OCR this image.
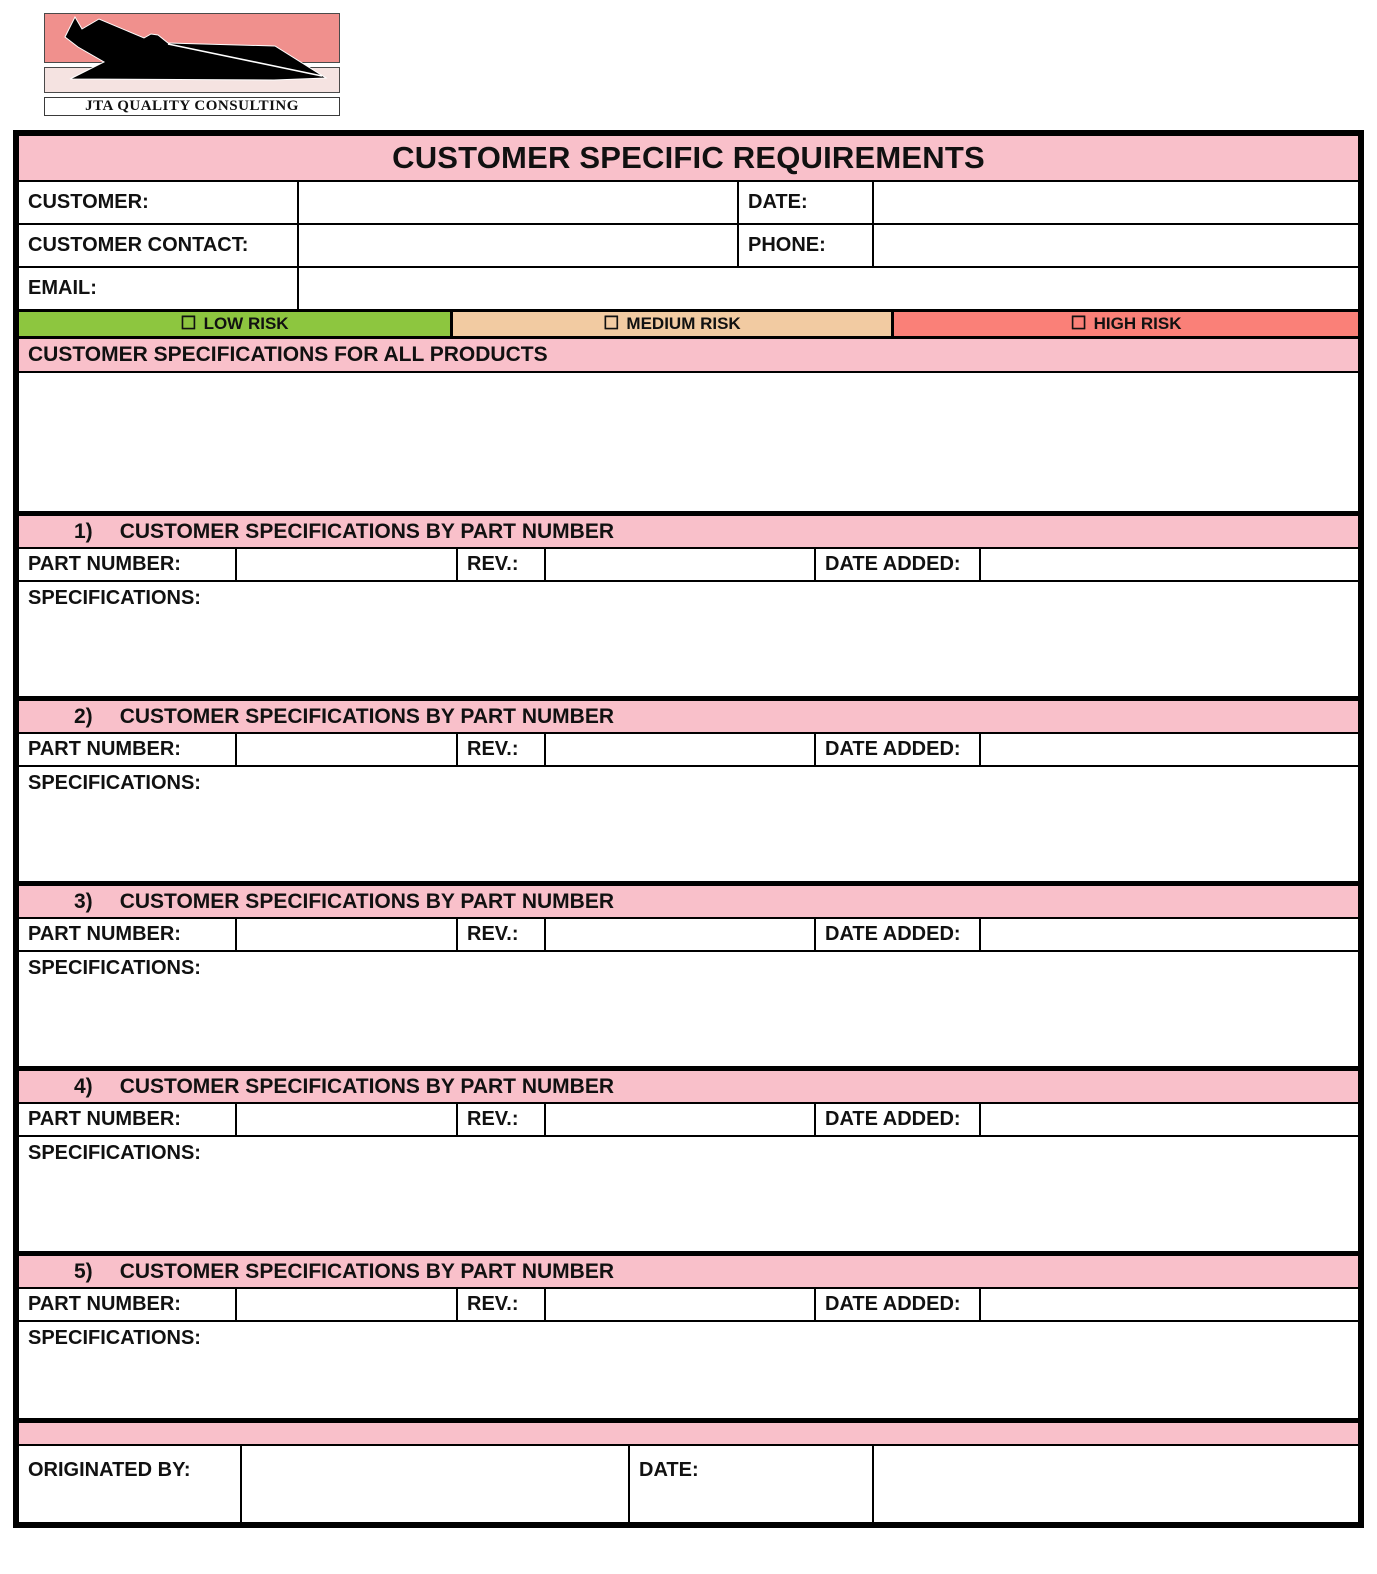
JTA QUALITY CONSULTING
CUSTOMER SPECIFIC REQUIREMENTS
CUSTOMER:	DATE:
CUSTOMER CONTACT:	PHONE:
EMAIL:
☐ LOW RISK	☐ MEDIUM RISK	☐ HIGH RISK
CUSTOMER SPECIFICATIONS FOR ALL PRODUCTS
1) CUSTOMER SPECIFICATIONS BY PART NUMBER
PART NUMBER:	REV.:	DATE ADDED:
SPECIFICATIONS:
2) CUSTOMER SPECIFICATIONS BY PART NUMBER
PART NUMBER:	REV.:	DATE ADDED:
SPECIFICATIONS:
3) CUSTOMER SPECIFICATIONS BY PART NUMBER
PART NUMBER:	REV.:	DATE ADDED:
SPECIFICATIONS:
4) CUSTOMER SPECIFICATIONS BY PART NUMBER
PART NUMBER:	REV.:	DATE ADDED:
SPECIFICATIONS:
5) CUSTOMER SPECIFICATIONS BY PART NUMBER
PART NUMBER:	REV.:	DATE ADDED:
SPECIFICATIONS:
ORIGINATED BY:	DATE:
